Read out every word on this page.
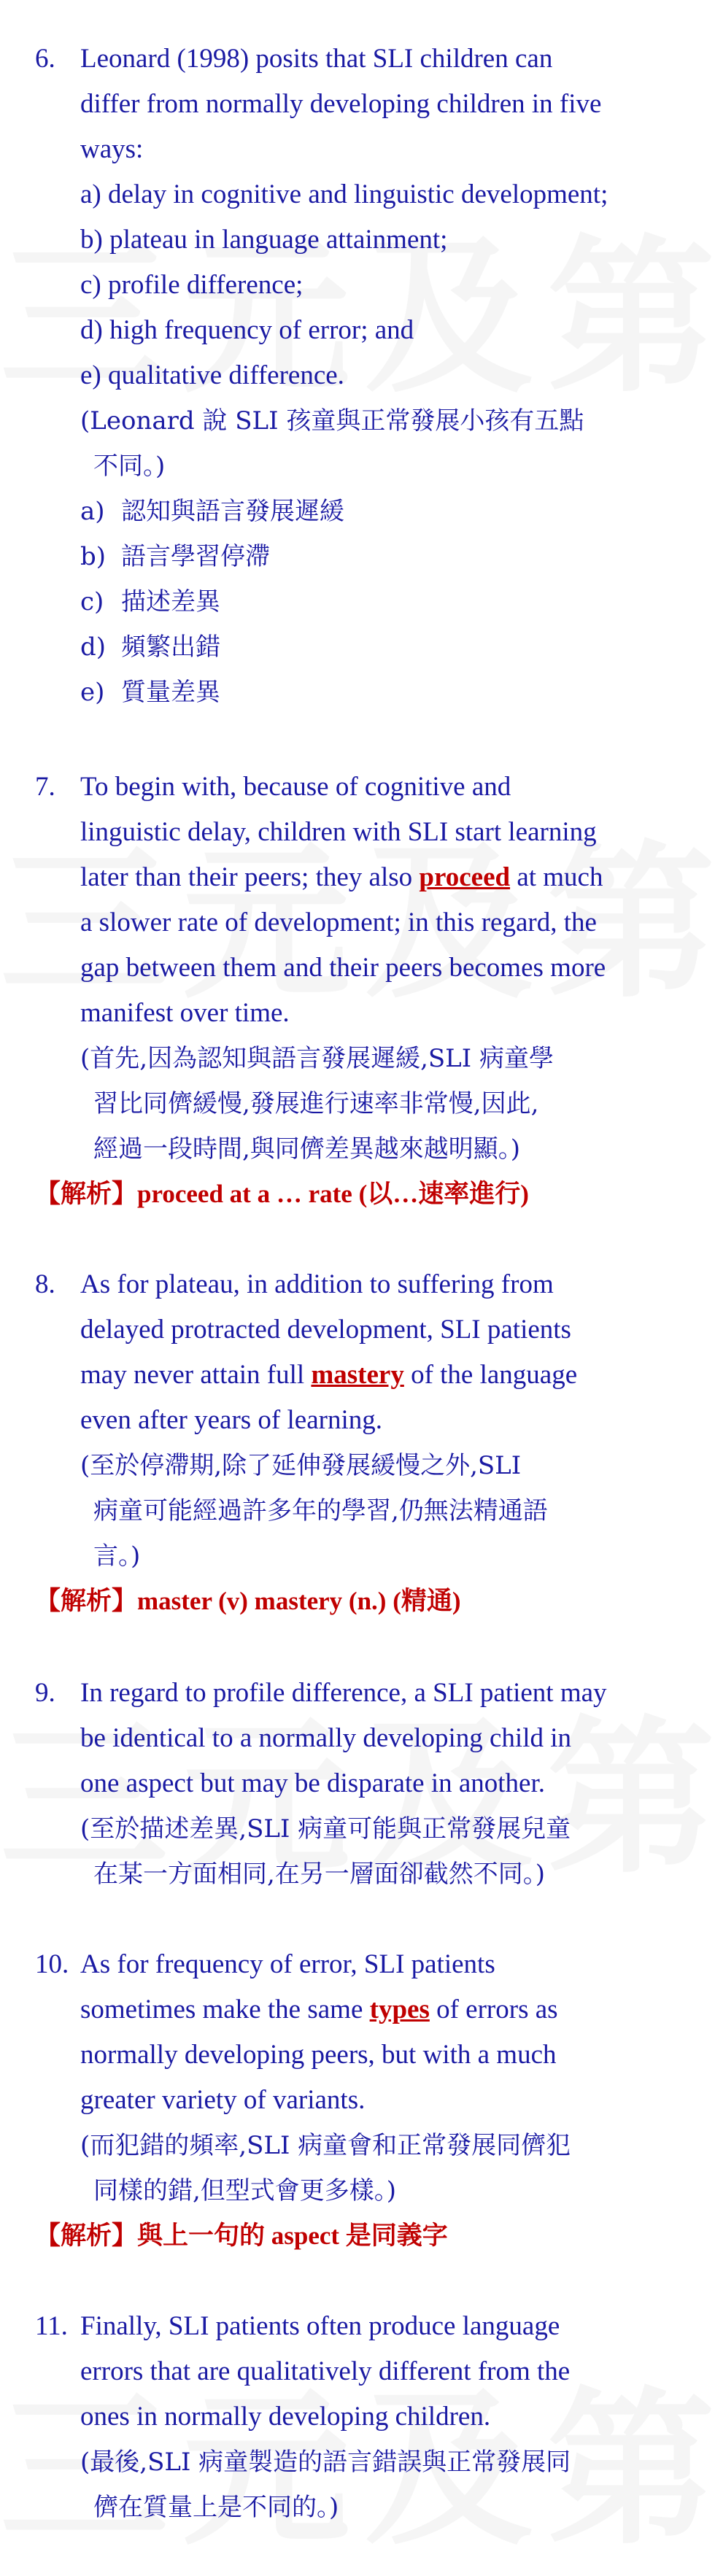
6. Leonard (1998) posits that SLI children can
differ from normally developing children in five
ways:
a) delay in cognitive and linguistic development;
b) plateau in language attainment;
c) profile difference;
d) high frequency of error; and
e) qualitative difference.
(Leonard 說 SLI 孩童與正常發展小孩有五點
不同。)
a) 認知與語言發展遲緩
b) 語言學習停滯
c) 描述差異
d) 頻繁出錯
e) 質量差異
7. To begin with, because of cognitive and
linguistic delay, children with SLI start learning
later than their peers; they also proceed at much
a slower rate of development; in this regard, the
gap between them and their peers becomes more
manifest over time.
(首先,因為認知與語言發展遲緩,SLI 病童學
習比同儕緩慢,發展進行速率非常慢,因此,
經過一段時間,與同儕差異越來越明顯。)
【解析】proceed at a … rate (以…速率進行)
8. As for plateau, in addition to suffering from
delayed protracted development, SLI patients
may never attain full mastery of the language
even after years of learning.
(至於停滯期,除了延伸發展緩慢之外,SLI
病童可能經過許多年的學習,仍無法精通語
言。)
【解析】master (v) mastery (n.) (精通)
9. In regard to profile difference, a SLI patient may
be identical to a normally developing child in
one aspect but may be disparate in another.
(至於描述差異,SLI 病童可能與正常發展兒童
在某一方面相同,在另一層面卻截然不同。)
10. As for frequency of error, SLI patients
sometimes make the same types of errors as
normally developing peers, but with a much
greater variety of variants.
(而犯錯的頻率,SLI 病童會和正常發展同儕犯
同樣的錯,但型式會更多樣。)
【解析】與上一句的 aspect 是同義字
11. Finally, SLI patients often produce language
errors that are qualitatively different from the
ones in normally developing children.
(最後,SLI 病童製造的語言錯誤與正常發展同
儕在質量上是不同的。)
